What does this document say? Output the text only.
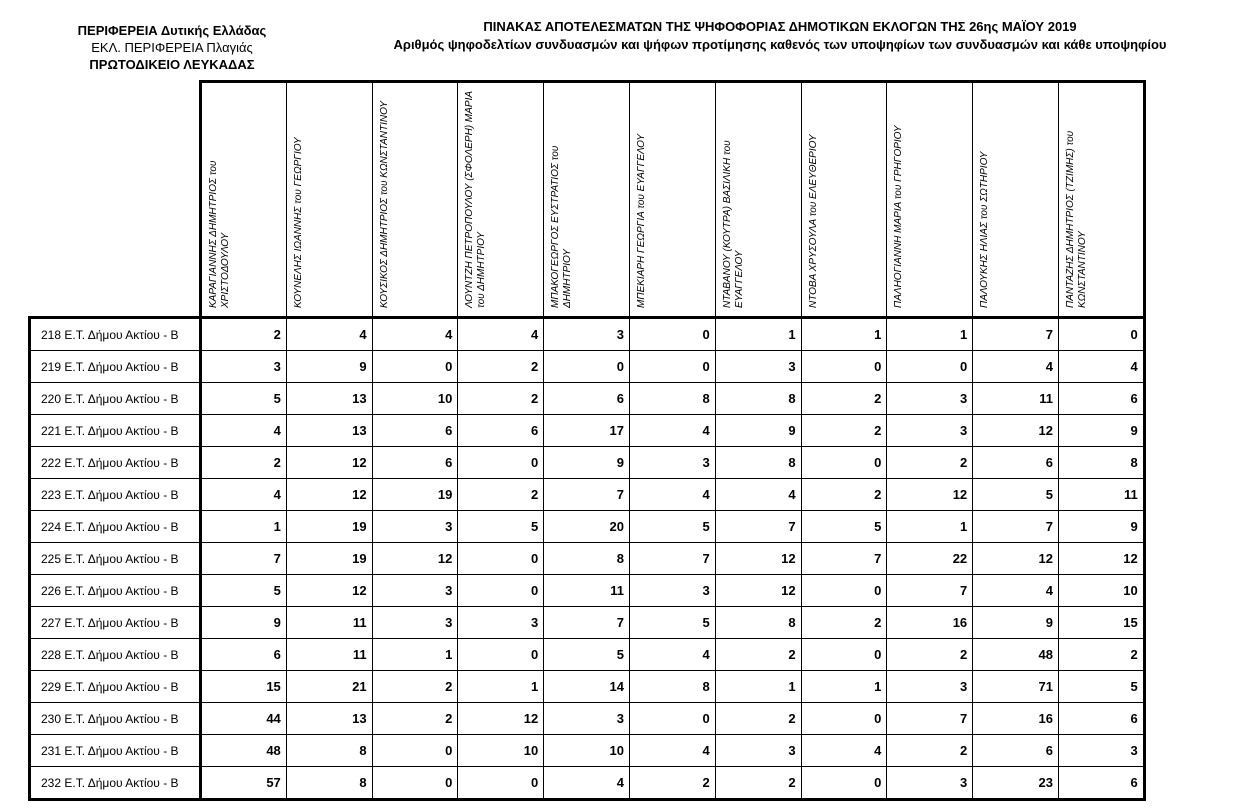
ΠΕΡΙΦΕΡΕΙΑ Δυτικής Ελλάδας
ΕΚΛ. ΠΕΡΙΦΕΡΕΙΑ Πλαγιάς
ΠΡΩΤΟΔΙΚΕΙΟ ΛΕΥΚΑΔΑΣ
ΠΙΝΑΚΑΣ ΑΠΟΤΕΛΕΣΜΑΤΩΝ ΤΗΣ ΨΗΦΟΦΟΡΙΑΣ ΔΗΜΟΤΙΚΩΝ ΕΚΛΟΓΩΝ ΤΗΣ 26ης ΜΑΪΟΥ 2019
Αριθμός ψηφοδελτίων συνδυασμών και ψήφων προτίμησης καθενός των υποψηφίων των συνδυασμών και κάθε υποψηφίου

	ΚΑΡΑΓΙΑΝΝΗΣ ΔΗΜΗΤΡΙΟΣ του ΧΡΙΣΤΟΔΟΥΛΟΥ	ΚΟΥΝΕΛΗΣ ΙΩΑΝΝΗΣ του ΓΕΩΡΓΙΟΥ	ΚΟΥΣΙΚΟΣ ΔΗΜΗΤΡΙΟΣ του ΚΩΝΣΤΑΝΤΙΝΟΥ	ΛΟΥΝΤΖΗ ΠΕΤΡΟΠΟΥΛΟΥ (ΣΦΟΛΕΡΗ) ΜΑΡΙΑ του ΔΗΜΗΤΡΙΟΥ	ΜΠΑΚΟΓΕΩΡΓΟΣ ΕΥΣΤΡΑΤΙΟΣ του ΔΗΜΗΤΡΙΟΥ	ΜΠΕΚΙΑΡΗ ΓΕΩΡΓΙΑ του ΕΥΑΓΓΕΛΟΥ	ΝΤΑΒΑΝΟΥ (ΚΟΥΤΡΑ) ΒΑΣΙΛΙΚΗ του ΕΥΑΓΓΕΛΟΥ	ΝΤΟΒΑ ΧΡΥΣΟΥΛΑ του ΕΛΕΥΘΕΡΙΟΥ	ΠΑΛΗΟΓΙΑΝΝΗ ΜΑΡΙΑ του ΓΡΗΓΟΡΙΟΥ	ΠΑΛΟΥΚΗΣ ΗΛΙΑΣ του ΣΩΤΗΡΙΟΥ	ΠΑΝΤΑΖΗΣ ΔΗΜΗΤΡΙΟΣ (ΤΖΙΜΗΣ) του ΚΩΝΣΤΑΝΤΙΝΟΥ

218 Ε.Τ. Δήμου Ακτίου - Β	2	4	4	4	3	0	1	1	1	7	0
219 Ε.Τ. Δήμου Ακτίου - Β	3	9	0	2	0	0	3	0	0	4	4
220 Ε.Τ. Δήμου Ακτίου - Β	5	13	10	2	6	8	8	2	3	11	6
221 Ε.Τ. Δήμου Ακτίου - Β	4	13	6	6	17	4	9	2	3	12	9
222 Ε.Τ. Δήμου Ακτίου - Β	2	12	6	0	9	3	8	0	2	6	8
223 Ε.Τ. Δήμου Ακτίου - Β	4	12	19	2	7	4	4	2	12	5	11
224 Ε.Τ. Δήμου Ακτίου - Β	1	19	3	5	20	5	7	5	1	7	9
225 Ε.Τ. Δήμου Ακτίου - Β	7	19	12	0	8	7	12	7	22	12	12
226 Ε.Τ. Δήμου Ακτίου - Β	5	12	3	0	11	3	12	0	7	4	10
227 Ε.Τ. Δήμου Ακτίου - Β	9	11	3	3	7	5	8	2	16	9	15
228 Ε.Τ. Δήμου Ακτίου - Β	6	11	1	0	5	4	2	0	2	48	2
229 Ε.Τ. Δήμου Ακτίου - Β	15	21	2	1	14	8	1	1	3	71	5
230 Ε.Τ. Δήμου Ακτίου - Β	44	13	2	12	3	0	2	0	7	16	6
231 Ε.Τ. Δήμου Ακτίου - Β	48	8	0	10	10	4	3	4	2	6	3
232 Ε.Τ. Δήμου Ακτίου - Β	57	8	0	0	4	2	2	0	3	23	6
